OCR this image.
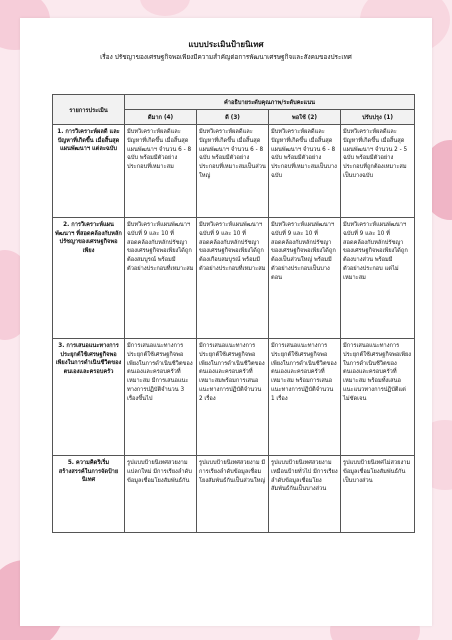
แบบประเมินป้ายนิเทศ
เรื่อง ปรัชญาของเศรษฐกิจพอเพียงมีความสำคัญต่อการพัฒนาเศรษฐกิจและสังคมของประเทศ
รายการประเมิน	คำอธิบายระดับคุณภาพ/ระดับคะแนน			
	ดีมาก (4)	ดี (3)	พอใช้ (2)	ปรับปรุง (1)
1. การวิเคราะห์ผลดี และปัญหาที่เกิดขึ้น เมื่อสิ้นสุด แผนพัฒนาฯ แต่ละฉบับ	มีบทวิเคราะห์ผลดีและปัญหาที่เกิดขึ้น เมื่อสิ้นสุดแผนพัฒนาฯ จำนวน 6 - 8 ฉบับ พร้อมมีตัวอย่างประกอบที่เหมาะสม	มีบทวิเคราะห์ผลดีและปัญหาที่เกิดขึ้น เมื่อสิ้นสุดแผนพัฒนาฯ จำนวน 6 - 8 ฉบับ พร้อมมีตัวอย่างประกอบที่เหมาะสมเป็นส่วนใหญ่	มีบทวิเคราะห์ผลดีและปัญหาที่เกิดขึ้น เมื่อสิ้นสุดแผนพัฒนาฯ จำนวน 6 - 8 ฉบับ พร้อมมีตัวอย่างประกอบที่เหมาะสมเป็นบางฉบับ	มีบทวิเคราะห์ผลดีและปัญหาที่เกิดขึ้น เมื่อสิ้นสุดแผนพัฒนาฯ จำนวน 2 - 5 ฉบับ พร้อมมีตัวอย่างประกอบที่ถูกต้องเหมาะสมเป็นบางฉบับ
2. การวิเคราะห์แผนพัฒนาฯ ที่สอดคล้องกับหลักปรัชญาของเศรษฐกิจพอเพียง	มีบทวิเคราะห์แผนพัฒนาฯฉบับที่ 9 และ 10 ที่สอดคล้องกับหลักปรัชญาของเศรษฐกิจพอเพียงได้ถูกต้องสมบูรณ์ พร้อมมีตัวอย่างประกอบที่เหมาะสม	มีบทวิเคราะห์แผนพัฒนาฯฉบับที่ 9 และ 10 ที่สอดคล้องกับหลักปรัชญาของเศรษฐกิจพอเพียงได้ถูกต้องเกือบสมบูรณ์ พร้อมมีตัวอย่างประกอบที่เหมาะสม	มีบทวิเคราะห์แผนพัฒนาฯฉบับที่ 9 และ 10 ที่สอดคล้องกับหลักปรัชญาของเศรษฐกิจพอเพียงได้ถูกต้องเป็นส่วนใหญ่ พร้อมมีตัวอย่างประกอบเป็นบางตอน	มีบทวิเคราะห์แผนพัฒนาฯฉบับที่ 9 และ 10 ที่สอดคล้องกับหลักปรัชญาของเศรษฐกิจพอเพียงได้ถูกต้องบางส่วน พร้อมมีตัวอย่างประกอบ แต่ไม่เหมาะสม
3. การเสนอแนะทางการประยุกต์ใช้เศรษฐกิจพอเพียงในการดำเนินชีวิตของตนเองและครอบครัว	มีการเสนอแนะทางการประยุกต์ใช้เศรษฐกิจพอเพียงในการดำเนินชีวิตของตนเองและครอบครัวที่เหมาะสม มีการเสนอแนะทางการปฏิบัติจำนวน 3 เรื่องขึ้นไป	มีการเสนอแนะทางการประยุกต์ใช้เศรษฐกิจพอเพียงในการดำเนินชีวิตของตนเองและครอบครัวที่เหมาะสมพร้อมการเสนอแนะทางการปฏิบัติจำนวน 2 เรื่อง	มีการเสนอแนะทางการประยุกต์ใช้เศรษฐกิจพอเพียงในการดำเนินชีวิตของตนเองและครอบครัวที่เหมาะสม พร้อมการเสนอแนะทางการปฏิบัติจำนวน 1 เรื่อง	มีการเสนอแนะทางการประยุกต์ใช้เศรษฐกิจพอเพียงในการดำเนินชีวิตของตนเองและครอบครัวที่เหมาะสม พร้อมทั้งเสนอแนะแนวทางการปฏิบัติแต่ไม่ชัดเจน
5. ความคิดริเริ่มสร้างสรรค์ในการจัดป้ายนิเทศ	รูปแบบป้ายนิเทศสวยงาม แปลกใหม่ มีการเรียงลำดับข้อมูลเชื่อมโยงสัมพันธ์กัน	รูปแบบป้ายนิเทศสวยงาม มีการเรียงลำดับข้อมูลเชื่อมโยงสัมพันธ์กันเป็นส่วนใหญ่	รูปแบบป้ายนิเทศสวยงามเหมือนป้ายทั่วไป มีการเรียงลำดับข้อมูลเชื่อมโยงสัมพันธ์กันเป็นบางส่วน	รูปแบบป้ายนิเทศไม่สวยงาม ข้อมูลเชื่อมโยงสัมพันธ์กันเป็นบางส่วน
